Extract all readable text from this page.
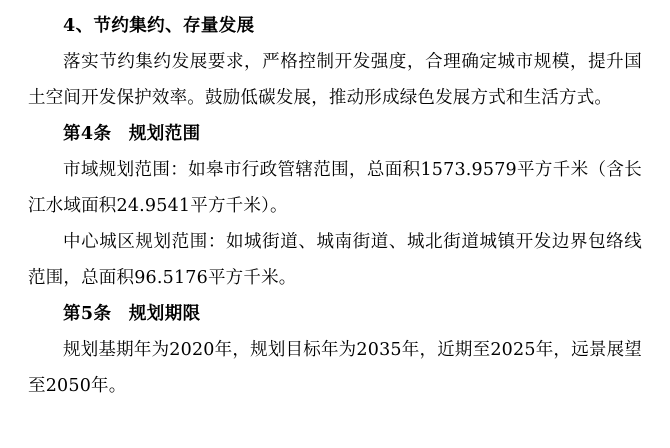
4、节约集约、存量发展

落实节约集约发展要求，严格控制开发强度，合理确定城市规模，提升国土空间开发保护效率。鼓励低碳发展，推动形成绿色发展方式和生活方式。

第4条 规划范围

市域规划范围：如皋市行政管辖范围，总面积1573.9579平方千米（含长江水域面积24.9541平方千米）。

中心城区规划范围：如城街道、城南街道、城北街道城镇开发边界包络线范围，总面积96.5176平方千米。

第5条 规划期限

规划基期年为2020年，规划目标年为2035年，近期至2025年，远景展望至2050年。
